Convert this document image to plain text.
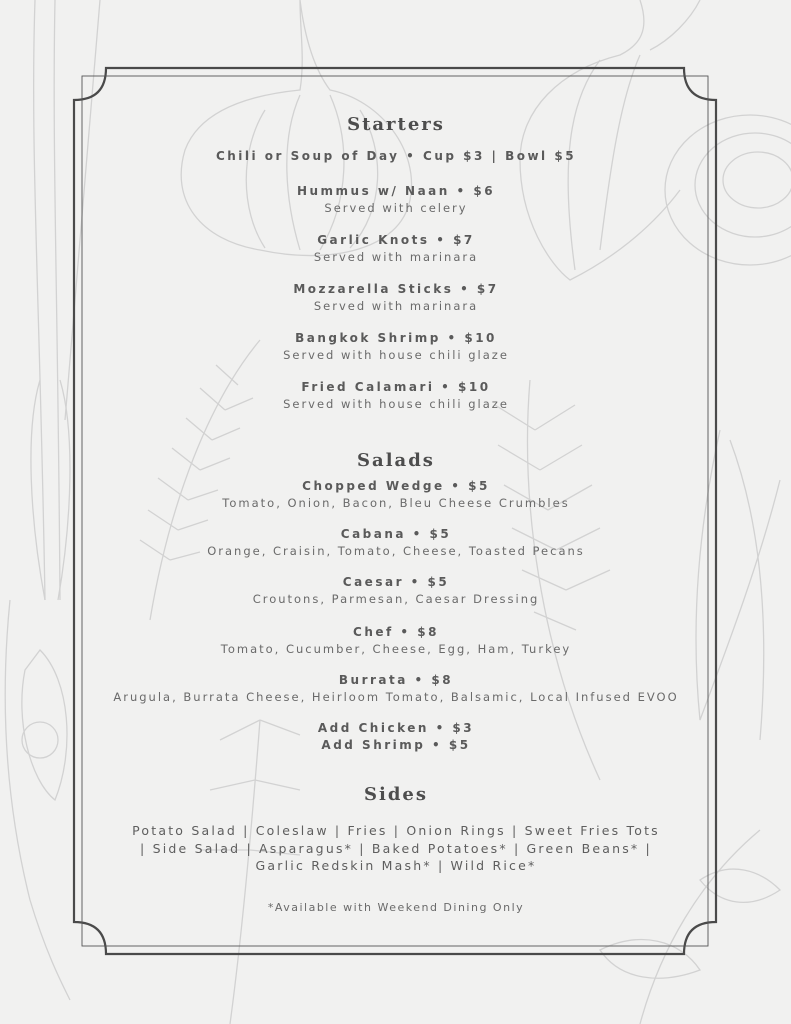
Starters
Chili or Soup of Day • Cup $3 | Bowl $5
Hummus w/ Naan • $6
Served with celery
Garlic Knots • $7
Served with marinara
Mozzarella Sticks • $7
Served with marinara
Bangkok Shrimp • $10
Served with house chili glaze
Fried Calamari • $10
Served with house chili glaze
Salads
Chopped Wedge • $5
Tomato, Onion, Bacon, Bleu Cheese Crumbles
Cabana • $5
Orange, Craisin, Tomato, Cheese, Toasted Pecans
Caesar • $5
Croutons, Parmesan, Caesar Dressing
Chef • $8
Tomato, Cucumber, Cheese, Egg, Ham, Turkey
Burrata • $8
Arugula, Burrata Cheese, Heirloom Tomato, Balsamic, Local Infused EVOO
Add Chicken • $3
Add Shrimp • $5
Sides
Potato Salad | Coleslaw | Fries | Onion Rings | Sweet Fries Tots | Side Salad | Asparagus* | Baked Potatoes* | Green Beans* | Garlic Redskin Mash* | Wild Rice*
*Available with Weekend Dining Only
